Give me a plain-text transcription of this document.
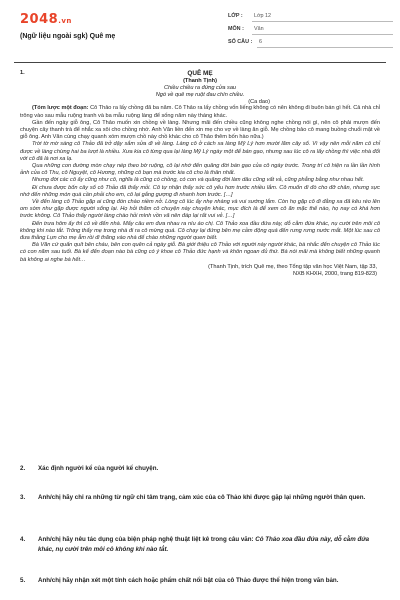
2048.vn
(Ngữ liệu ngoài sgk) Quê mẹ
LỚP : Lớp 12
MÔN : Văn
SỐ CÂU : 6
1.	QUÊ MẸ
(Thanh Tịnh)
Chiều chiều ra đứng cửa sau
Ngó về quê mẹ ruột đau chín chiều.
(Ca dao)

(Tóm lược một đoạn: Cô Thảo ra lấy chồng đã ba năm. Cô Thảo ra lấy chồng vốn liếng không có nên không đi buôn bán gì hết. Cả nhà chỉ trông vào sau mẫu ruộng tranh và ba mẫu ruộng làng để sống năm này tháng khác.

Gần đến ngày giỗ ông, Cô Thảo muốn xin chồng về làng. Nhưng mãi đến chiều cũng không nghe chồng nói gì, nên cô phải mượn đến chuyện cây thanh trà để nhắc xa xôi cho chồng nhớ. Anh Văn liền đến xin mẹ cho vợ về làng ăn giỗ. Mẹ chồng bảo cô mang buồng chuối mật về giỗ ông. Anh Văn cùng chạy quanh xóm mượn chồ này chồ khác cho cô Thảo thêm bốn hào nữa.)

Trời tờ mờ sáng cô Thảo đã trở dậy sắm sửa đi về làng. Làng cô ở cách xa làng Mỹ Lý hơn mười lăm cây số. Vì vậy nên mỗi năm cô chỉ được về làng chừng hai ba lượt là nhiều. Xưa kia cô từng qua lại làng Mỹ Lý ngày một để bán gạo, nhưng sau lúc cô ra lấy chồng thì việc nhà đổi với cô đã là nơi xa lạ.

Qua những con đường mòn chạy nép theo bờ ruộng, cô lại nhớ đến quãng đời bán gạo của cô ngày trước. Trong trí cô hiện ra lần lần hình ảnh của cô Thu, cô Nguyệt, cô Hương, những cô bạn mà trước kia cô cho là thân nhất.

Nhưng đời các cô ấy cũng như cô, nghĩa là cũng có chồng, có con và quãng đời làm dâu cũng vất vả, cũng phẳng bằng như nhau hết.

Đi chưa được bốn cây số cô Thảo đã thấy mỏi. Cô tự nhận thấy sức cô yếu hơn trước nhiều lắm. Cô muốn đi đò cho đỡ chân, nhưng sực nhớ đến những món quà cần phải cho em, cô lại gắng gượng đi nhanh hơn trước. […]

Về đến làng cô Thảo gặp ai cũng đón chào niềm nở. Lòng cô lúc ấy nhẹ nhàng và vui sướng lắm. Còn họ gặp cô đi đằng xa đã kêu réo lên om sòm như gặp được người sống lại. Họ hỏi thăm cô chuyện này chuyện khác, mục đích là để xem cô ăn mặc thế nào, họ nay có khá hơn trước không. Cô Thảo thấy người làng chào hỏi mình vồn vã nên đáp lại rất vui vẻ. […]

Đến trưa hôm ấy thì cô về đến nhà. Mấy câu em đưa nhau ra níu áo chị. Cô Thảo xoa đầu đứa này, dỗ cằm đứa khác, nụ cười trên môi cô không khi nào tắt. Trông thấy mẹ trong nhà đi ra cô mừng quá. Cô chạy lại đứng bên mẹ cảm động quá đến rưng rưng nước mắt. Một lúc sau cô đưa thằng Lựn cho mẹ ẵm rồi đi thăng vào nhà để chào những người quen biết.

Bà Văn cứ quấn quít bên cháu, bên con quên cả ngày giỗ. Bà giới thiệu cô Thảo với người này người khác, bà nhắc đến chuyện cô Thảo lúc có con năm sau tuổi. Bà kể đến đoạn nào bà cũng có ý khoe cô Thảo đức hạnh và khôn ngoan đủ thứ. Bà nói mãi mà không biết những quanh bà không ai nghe bà hết…

(Thanh Tịnh, trích Quê mẹ, theo Tổng tập văn học Việt Nam, tập 33,
NXB KHXH, 2000, trang 819-823)
2. Xác định người kể của người kể chuyện.
3. Anh/chị hãy chỉ ra những từ ngữ chỉ tâm trạng, cảm xúc của cô Thảo khi được gặp lại những người thân quen.
4. Anh/chị hãy nêu tác dụng của biện pháp nghệ thuật liệt kê trong câu văn: Cô Thảo xoa đầu đứa này, dỗ cằm đứa khác, nụ cười trên môi cô không khi nào tắt.
5. Anh/chị hãy nhận xét một tính cách hoặc phẩm chất nổi bật của cô Thảo được thể hiện trong văn bản.
